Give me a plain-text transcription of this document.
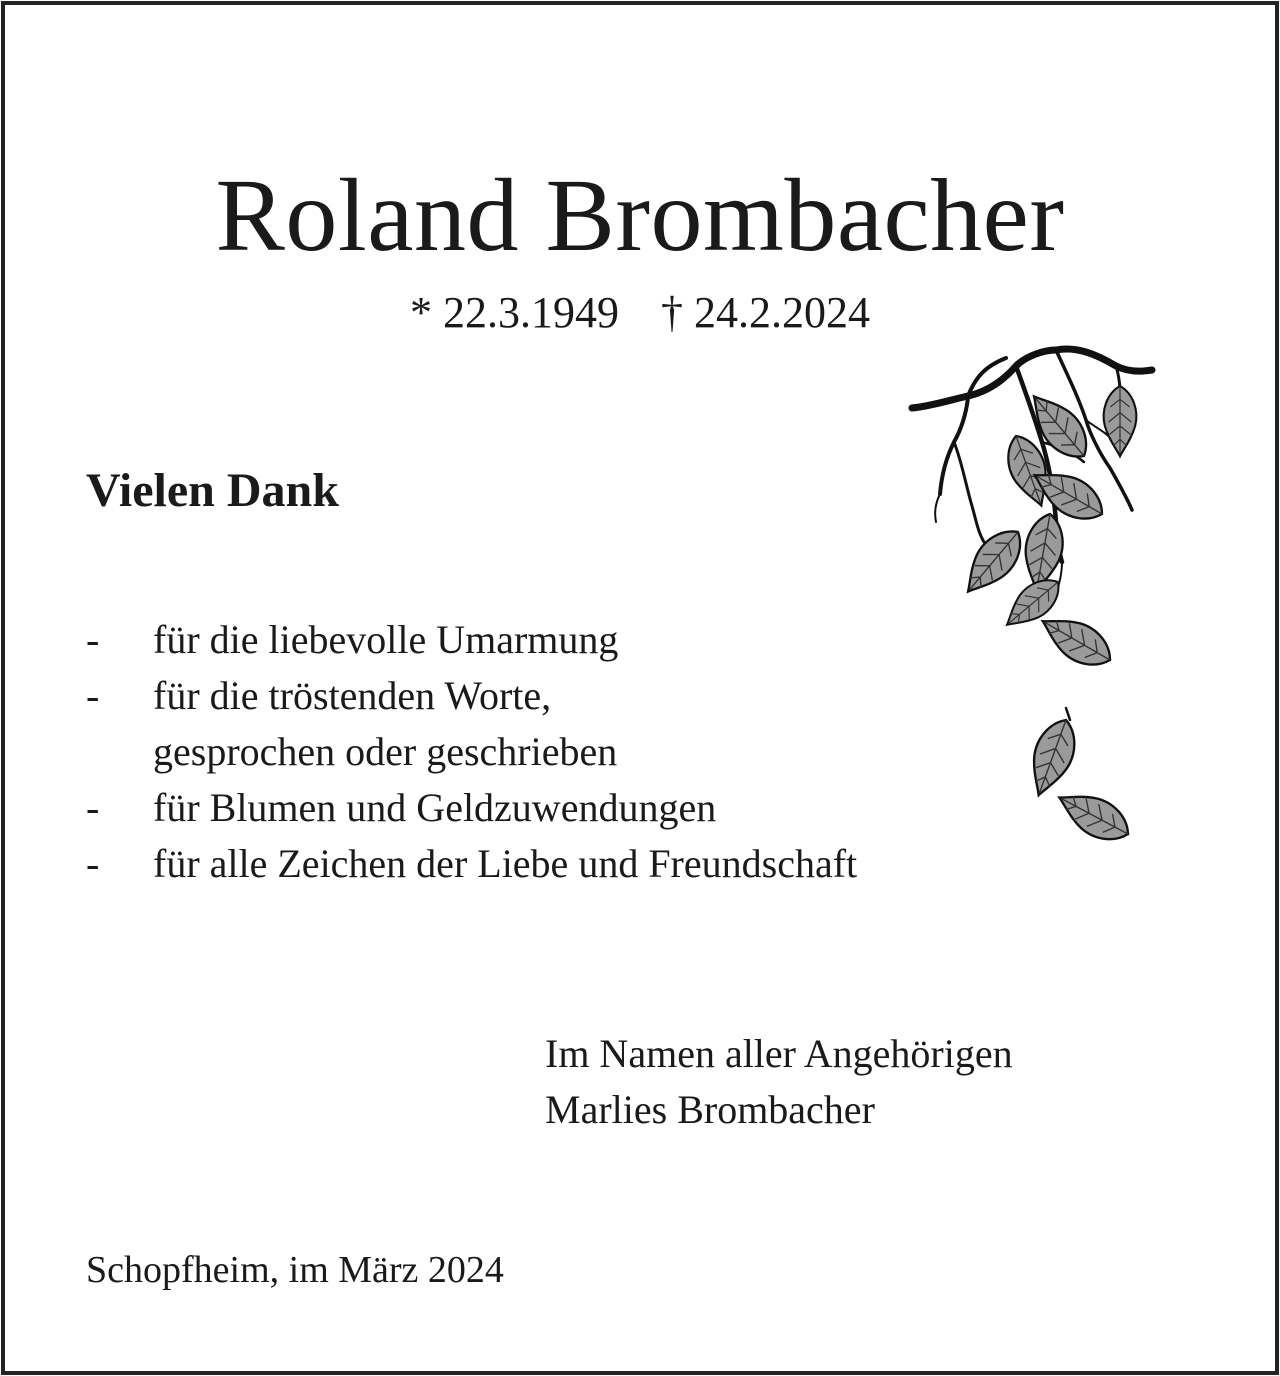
Roland Brombacher
* 22.3.1949 † 24.2.2024
Vielen Dank
- für die liebevolle Umarmung
- für die tröstenden Worte,
gesprochen oder geschrieben
- für Blumen und Geldzuwendungen
- für alle Zeichen der Liebe und Freundschaft
Im Namen aller Angehörigen
Marlies Brombacher
Schopfheim, im März 2024
